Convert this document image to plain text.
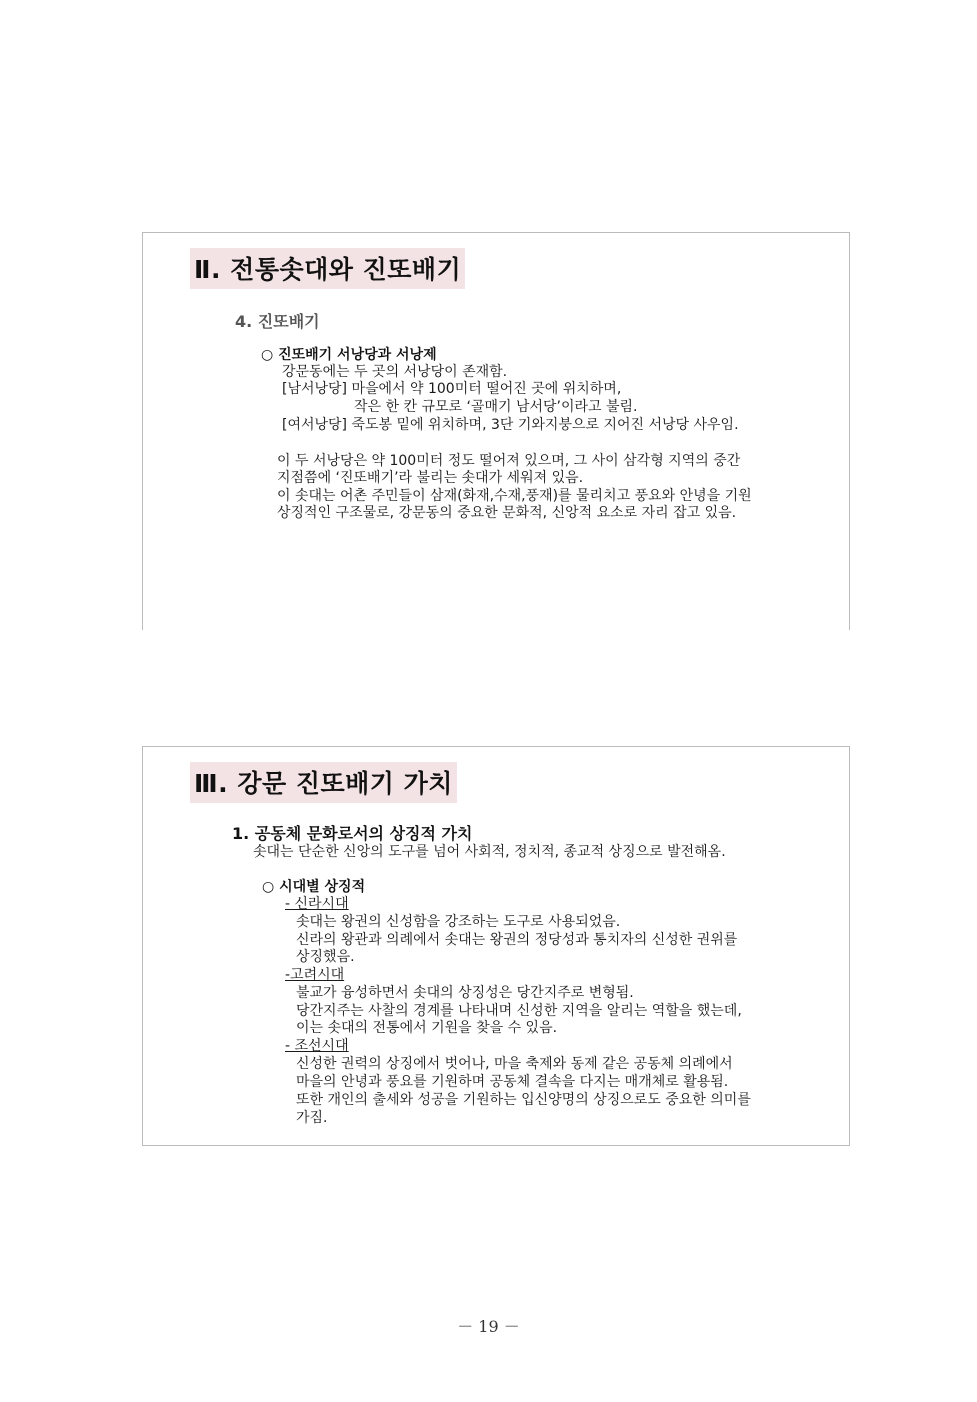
Ⅱ. 전통솟대와 진또배기
4. 진또배기
○ 진또배기 서낭당과 서낭제
강문동에는 두 곳의 서낭당이 존재함.
[남서낭당] 마을에서 약 100미터 떨어진 곳에 위치하며,
작은 한 칸 규모로 ‘골매기 남서당’이라고 불림.
[여서낭당] 죽도봉 밑에 위치하며, 3단 기와지붕으로 지어진 서낭당 사우임.
이 두 서낭당은 약 100미터 정도 떨어져 있으며, 그 사이 삼각형 지역의 중간
지점쯤에 ‘진또배기’라 불리는 솟대가 세워져 있음.
이 솟대는 어촌 주민들이 삼재(화재,수재,풍재)를 물리치고 풍요와 안녕을 기원
상징적인 구조물로, 강문동의 중요한 문화적, 신앙적 요소로 자리 잡고 있음.
Ⅲ. 강문 진또배기 가치
1. 공동체 문화로서의 상징적 가치
솟대는 단순한 신앙의 도구를 넘어 사회적, 정치적, 종교적 상징으로 발전해옴.
○ 시대별 상징적
- 신라시대
솟대는 왕권의 신성함을 강조하는 도구로 사용되었음.
신라의 왕관과 의례에서 솟대는 왕권의 정당성과 통치자의 신성한 권위를
상징했음.
-고려시대
불교가 융성하면서 솟대의 상징성은 당간지주로 변형됨.
당간지주는 사찰의 경계를 나타내며 신성한 지역을 알리는 역할을 했는데,
이는 솟대의 전통에서 기원을 찾을 수 있음.
- 조선시대
신성한 권력의 상징에서 벗어나, 마을 축제와 동제 같은 공동체 의례에서
마을의 안녕과 풍요를 기원하며 공동체 결속을 다지는 매개체로 활용됨.
또한 개인의 출세와 성공을 기원하는 입신양명의 상징으로도 중요한 의미를
가짐.
－ 19 －
